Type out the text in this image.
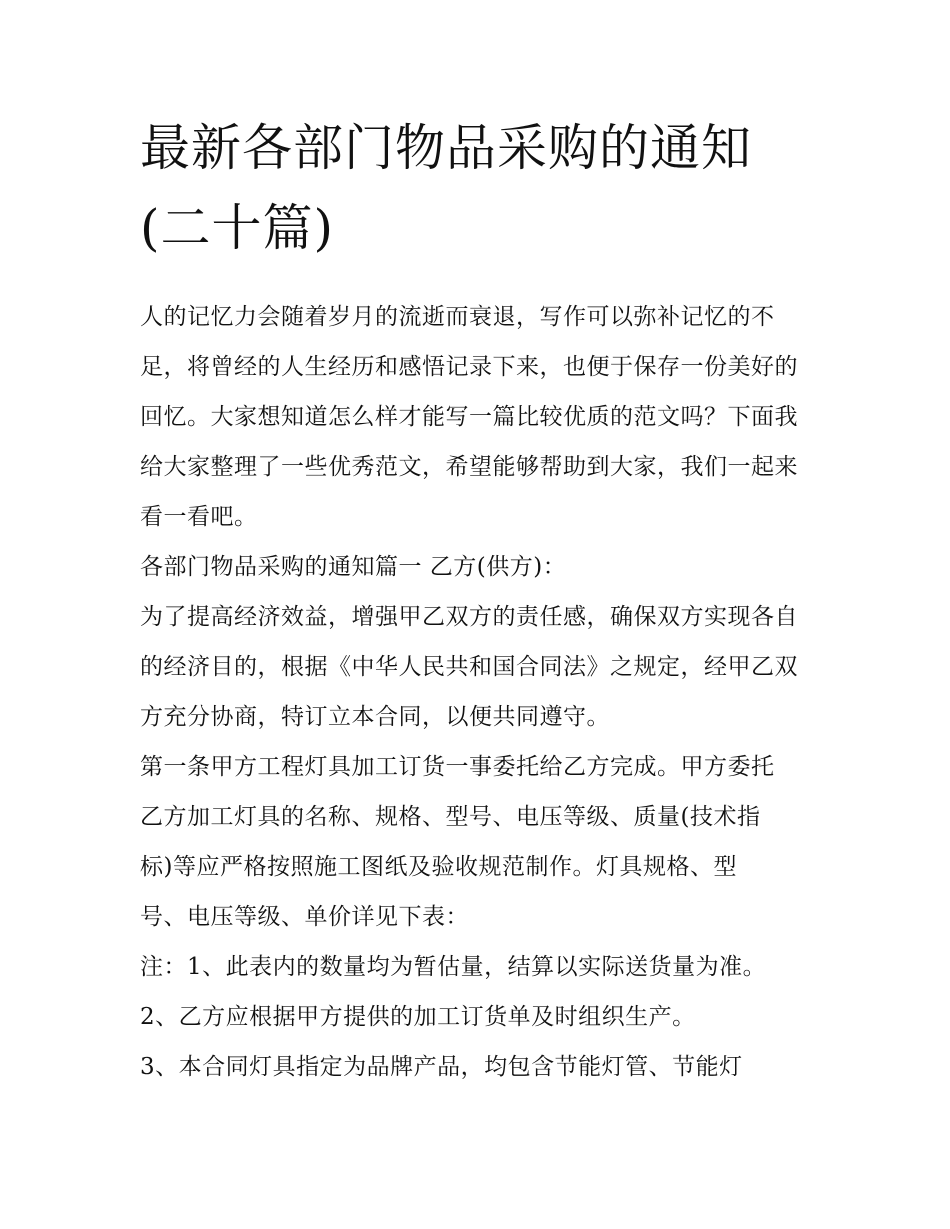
最新各部门物品采购的通知(二十篇)

人的记忆力会随着岁月的流逝而衰退，写作可以弥补记忆的不足，将曾经的人生经历和感悟记录下来，也便于保存一份美好的回忆。大家想知道怎么样才能写一篇比较优质的范文吗？下面我给大家整理了一些优秀范文，希望能够帮助到大家，我们一起来看一看吧。

各部门物品采购的通知篇一 乙方(供方)：

为了提高经济效益，增强甲乙双方的责任感，确保双方实现各自的经济目的，根据《中华人民共和国合同法》之规定，经甲乙双方充分协商，特订立本合同，以便共同遵守。

第一条甲方工程灯具加工订货一事委托给乙方完成。甲方委托乙方加工灯具的名称、规格、型号、电压等级、质量(技术指标)等应严格按照施工图纸及验收规范制作。灯具规格、型号、电压等级、单价详见下表：

注：1、此表内的数量均为暂估量，结算以实际送货量为准。

2、乙方应根据甲方提供的加工订货单及时组织生产。

3、本合同灯具指定为品牌产品，均包含节能灯管、节能灯
